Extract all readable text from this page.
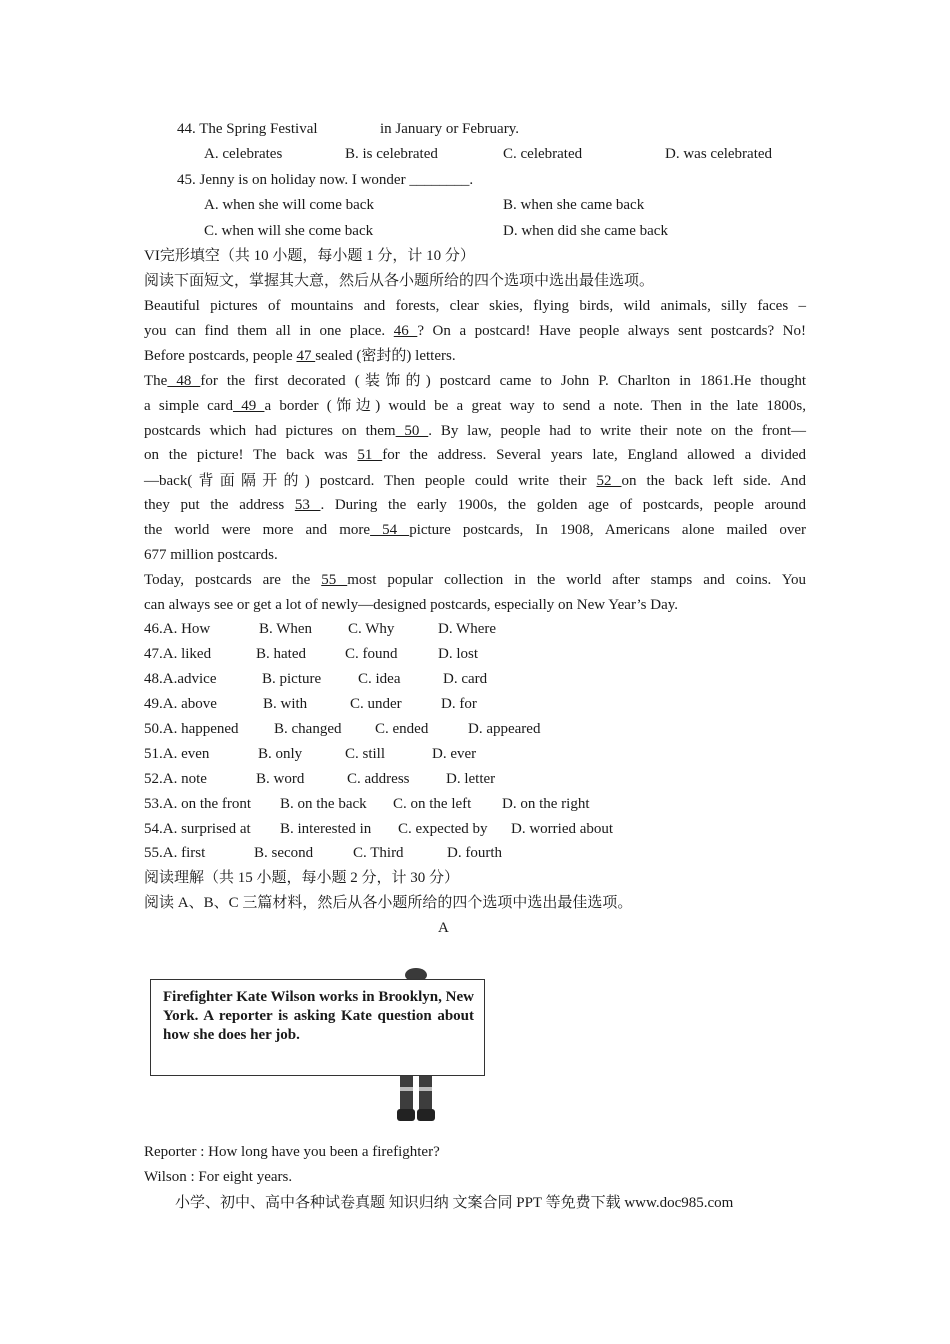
44. The Spring Festival	in January or February.
A. celebrates	B. is celebrated	C. celebrated	D. was celebrated
45. Jenny is on holiday now. I wonder ________.
A. when she will come back	B. when she came back
C. when will she come back	D. when did she came back
VI完形填空（共 10 小题，每小题 1 分，计 10 分）
阅读下面短文，掌握其大意，然后从各小题所给的四个选项中选出最佳选项。
Beautiful pictures of mountains and forests, clear skies, flying birds, wild animals, silly faces –
you can find them all in one place. 46 ? On a postcard! Have people always sent postcards? No!
Before postcards, people 47 sealed (密封的) letters.
The 48 for the first decorated (装饰的) postcard came to John P. Charlton in 1861.He thought
a simple card 49 a border (饰边) would be a great way to send a note. Then in the late 1800s,
postcards which had pictures on them 50 . By law, people had to write their note on the front—
on the picture! The back was 51 for the address. Several years late, England allowed a divided
—back(背面隔开的) postcard. Then people could write their 52 on the back left side. And
they put the address 53 . During the early 1900s, the golden age of postcards, people around
the world were more and more 54 picture postcards, In 1908, Americans alone mailed over
677 million postcards.
Today, postcards are the 55 most popular collection in the world after stamps and coins. You
can always see or get a lot of newly—designed postcards, especially on New Year’s Day.
46.A. How	B. When C. Why	D. Where
47.A. liked	B. hated	C. found	D. lost
48.A.advice	B. picture C. idea	D. card
49.A. above	B. with	C. under	D. for
50.A. happened B. changed C. ended	D. appeared
51.A. even	B. only	C. still	D. ever
52.A. note	B. word	C. address D. letter
53.A. on the front B. on the back C. on the left D. on the right
54.A. surprised at B. interested in C. expected by D. worried about
55.A. first	B. second	C. Third	D. fourth
阅读理解（共 15 小题，每小题 2 分，计 30 分）
阅读 A、B、C 三篇材料，然后从各小题所给的四个选项中选出最佳选项。
A
Firefighter Kate Wilson works in Brooklyn, New York. A reporter is asking Kate question about how she does her job.
Reporter : How long have you been a firefighter?
Wilson : For eight years.
小学、初中、高中各种试卷真题 知识归纳 文案合同 PPT 等免费下载 www.doc985.com
